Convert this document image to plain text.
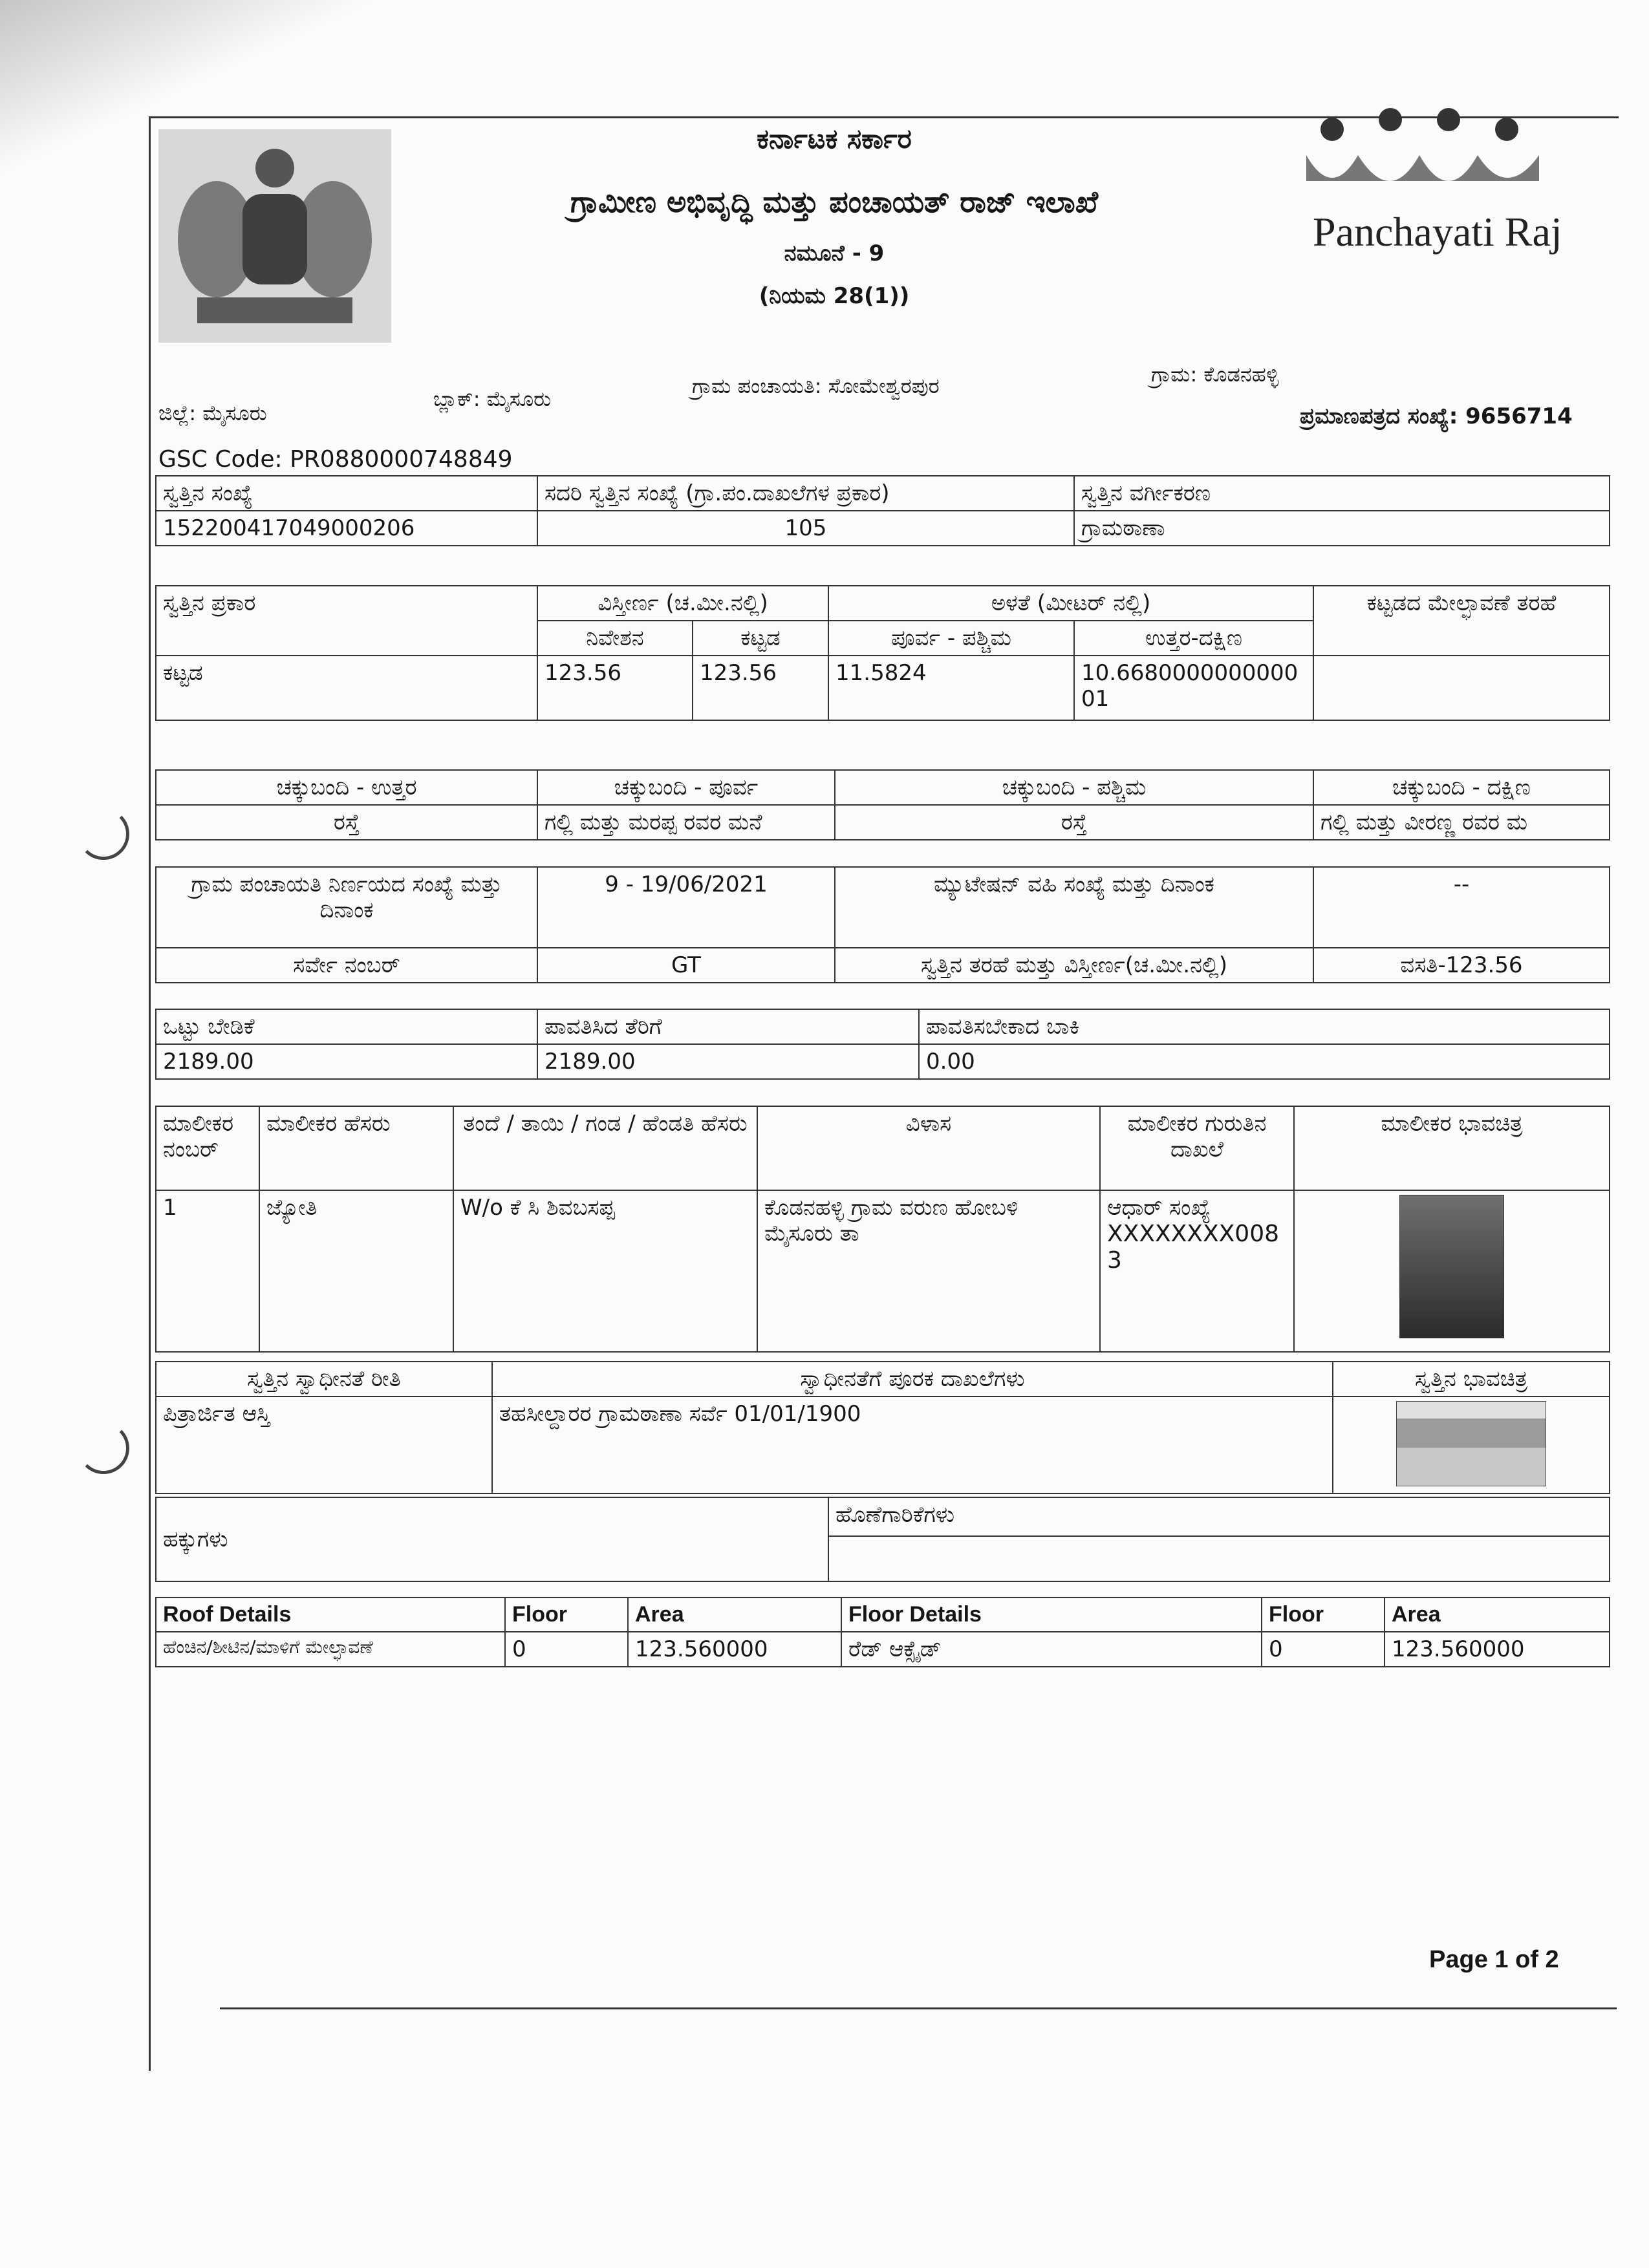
Panchayati Raj
ಕರ್ನಾಟಕ ಸರ್ಕಾರ
ಗ್ರಾಮೀಣ ಅಭಿವೃದ್ಧಿ ಮತ್ತು ಪಂಚಾಯತ್ ರಾಜ್ ಇಲಾಖೆ
ನಮೂನೆ - 9
(ನಿಯಮ 28(1))
ಜಿಲ್ಲೆ: ಮೈಸೂರು
ಬ್ಲಾಕ್: ಮೈಸೂರು
ಗ್ರಾಮ ಪಂಚಾಯತಿ: ಸೋಮೇಶ್ವರಪುರ	ಗ್ರಾಮ: ಕೊಡನಹಳ್ಳಿ
ಪ್ರಮಾಣಪತ್ರದ ಸಂಖ್ಯೆ: 9656714
GSC Code: PR0880000748849
ಸ್ವತ್ತಿನ ಸಂಖ್ಯೆ	ಸದರಿ ಸ್ವತ್ತಿನ ಸಂಖ್ಯೆ (ಗ್ರಾ.ಪಂ.ದಾಖಲೆಗಳ ಪ್ರಕಾರ)	ಸ್ವತ್ತಿನ ವರ್ಗೀಕರಣ
152200417049000206	105	ಗ್ರಾಮಠಾಣಾ
ಸ್ವತ್ತಿನ ಪ್ರಕಾರ	ವಿಸ್ತೀರ್ಣ (ಚ.ಮೀ.ನಲ್ಲಿ)		ಅಳತೆ (ಮೀಟರ್ ನಲ್ಲಿ)		ಕಟ್ಟಡದ ಮೇಲ್ಛಾವಣೆ ತರಹೆ
	ನಿವೇಶನ	ಕಟ್ಟಡ	ಪೂರ್ವ - ಪಶ್ಚಿಮ	ಉತ್ತರ-ದಕ್ಷಿಣ	
ಕಟ್ಟಡ	123.56	123.56	11.5824	10.668000000000001	
ಚಕ್ಕುಬಂದಿ - ಉತ್ತರ	ಚಕ್ಕುಬಂದಿ - ಪೂರ್ವ	ಚಕ್ಕುಬಂದಿ - ಪಶ್ಚಿಮ	ಚಕ್ಕುಬಂದಿ - ದಕ್ಷಿಣ
ರಸ್ತೆ	ಗಲ್ಲಿ ಮತ್ತು ಮರಪ್ಪ ರವರ ಮನೆ	ರಸ್ತೆ	ಗಲ್ಲಿ ಮತ್ತು ವೀರಣ್ಣ ರವರ ಮ
ಗ್ರಾಮ ಪಂಚಾಯತಿ ನಿರ್ಣಯದ ಸಂಖ್ಯೆ ಮತ್ತು ದಿನಾಂಕ	9 - 19/06/2021	ಮ್ಯುಟೇಷನ್ ವಹಿ ಸಂಖ್ಯೆ ಮತ್ತು ದಿನಾಂಕ	--
ಸರ್ವೇ ನಂಬರ್	GT	ಸ್ವತ್ತಿನ ತರಹೆ ಮತ್ತು ವಿಸ್ತೀರ್ಣ(ಚ.ಮೀ.ನಲ್ಲಿ)	ವಸತಿ-123.56
ಒಟ್ಟು ಬೇಡಿಕೆ	ಪಾವತಿಸಿದ ತೆರಿಗೆ	ಪಾವತಿಸಬೇಕಾದ ಬಾಕಿ
2189.00	2189.00	0.00
ಮಾಲೀಕರ ನಂಬರ್	ಮಾಲೀಕರ ಹೆಸರು	ತಂದೆ / ತಾಯಿ / ಗಂಡ / ಹೆಂಡತಿ ಹೆಸರು	ವಿಳಾಸ	ಮಾಲೀಕರ ಗುರುತಿನ ದಾಖಲೆ	ಮಾಲೀಕರ ಭಾವಚಿತ್ರ
1	ಜ್ಯೋತಿ	W/o ಕೆ ಸಿ ಶಿವಬಸಪ್ಪ	ಕೊಡನಹಳ್ಳಿ ಗ್ರಾಮ ವರುಣ ಹೋಬಳಿ ಮೈಸೂರು ತಾ	ಆಧಾರ್ ಸಂಖ್ಯೆ
XXXXXXXX0083	

ಸ್ವತ್ತಿನ ಸ್ವಾಧೀನತೆ ರೀತಿ	ಸ್ವಾಧೀನತೆಗೆ ಪೂರಕ ದಾಖಲೆಗಳು	ಸ್ವತ್ತಿನ ಭಾವಚಿತ್ರ
ಪಿತ್ರಾರ್ಜಿತ ಆಸ್ತಿ	ತಹಸೀಲ್ದಾರರ ಗ್ರಾಮಠಾಣಾ ಸರ್ವೆ 01/01/1900	
ಹಕ್ಕುಗಳು	ಹೊಣೆಗಾರಿಕೆಗಳು

Roof Details	Floor	Area	Floor Details	Floor	Area
ಹೆಂಚಿನ/ಶೀಟಿನ/ಮಾಳಿಗೆ ಮೇಲ್ಛಾವಣೆ	0	123.560000	ರೆಡ್ ಆಕ್ಸೈಡ್	0	123.560000
Page 1 of 2
